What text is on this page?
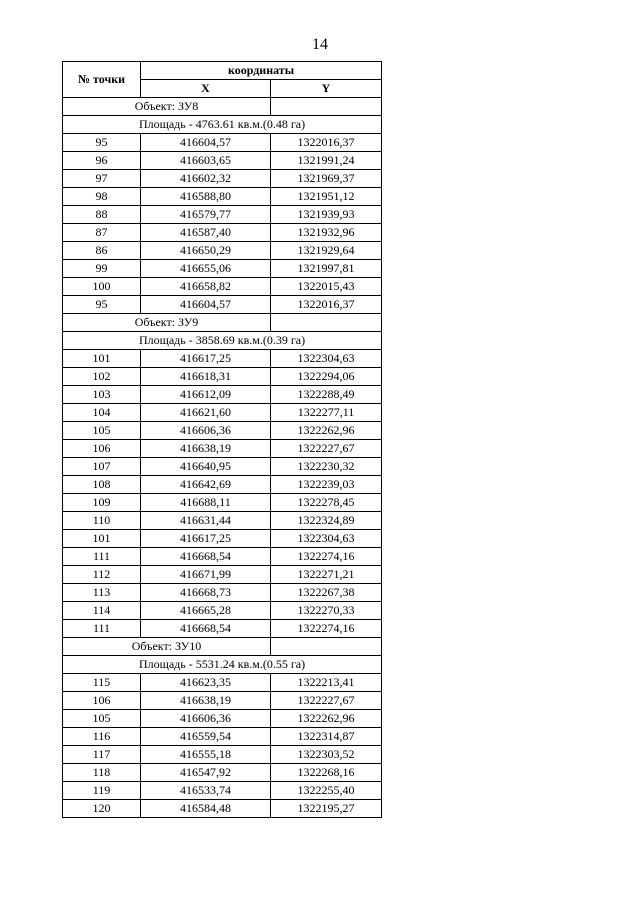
14
№ точки	координаты	
	X	Y
Объект: ЗУ8		
Площадь - 4763.61 кв.м.(0.48 га)		
95	416604,57	1322016,37
96	416603,65	1321991,24
97	416602,32	1321969,37
98	416588,80	1321951,12
88	416579,77	1321939,93
87	416587,40	1321932,96
86	416650,29	1321929,64
99	416655,06	1321997,81
100	416658,82	1322015,43
95	416604,57	1322016,37
Объект: ЗУ9		
Площадь - 3858.69 кв.м.(0.39 га)		
101	416617,25	1322304,63
102	416618,31	1322294,06
103	416612,09	1322288,49
104	416621,60	1322277,11
105	416606,36	1322262,96
106	416638,19	1322227,67
107	416640,95	1322230,32
108	416642,69	1322239,03
109	416688,11	1322278,45
110	416631,44	1322324,89
101	416617,25	1322304,63
111	416668,54	1322274,16
112	416671,99	1322271,21
113	416668,73	1322267,38
114	416665,28	1322270,33
111	416668,54	1322274,16
Объект: ЗУ10		
Площадь - 5531.24 кв.м.(0.55 га)		
115	416623,35	1322213,41
106	416638,19	1322227,67
105	416606,36	1322262,96
116	416559,54	1322314,87
117	416555,18	1322303,52
118	416547,92	1322268,16
119	416533,74	1322255,40
120	416584,48	1322195,27
